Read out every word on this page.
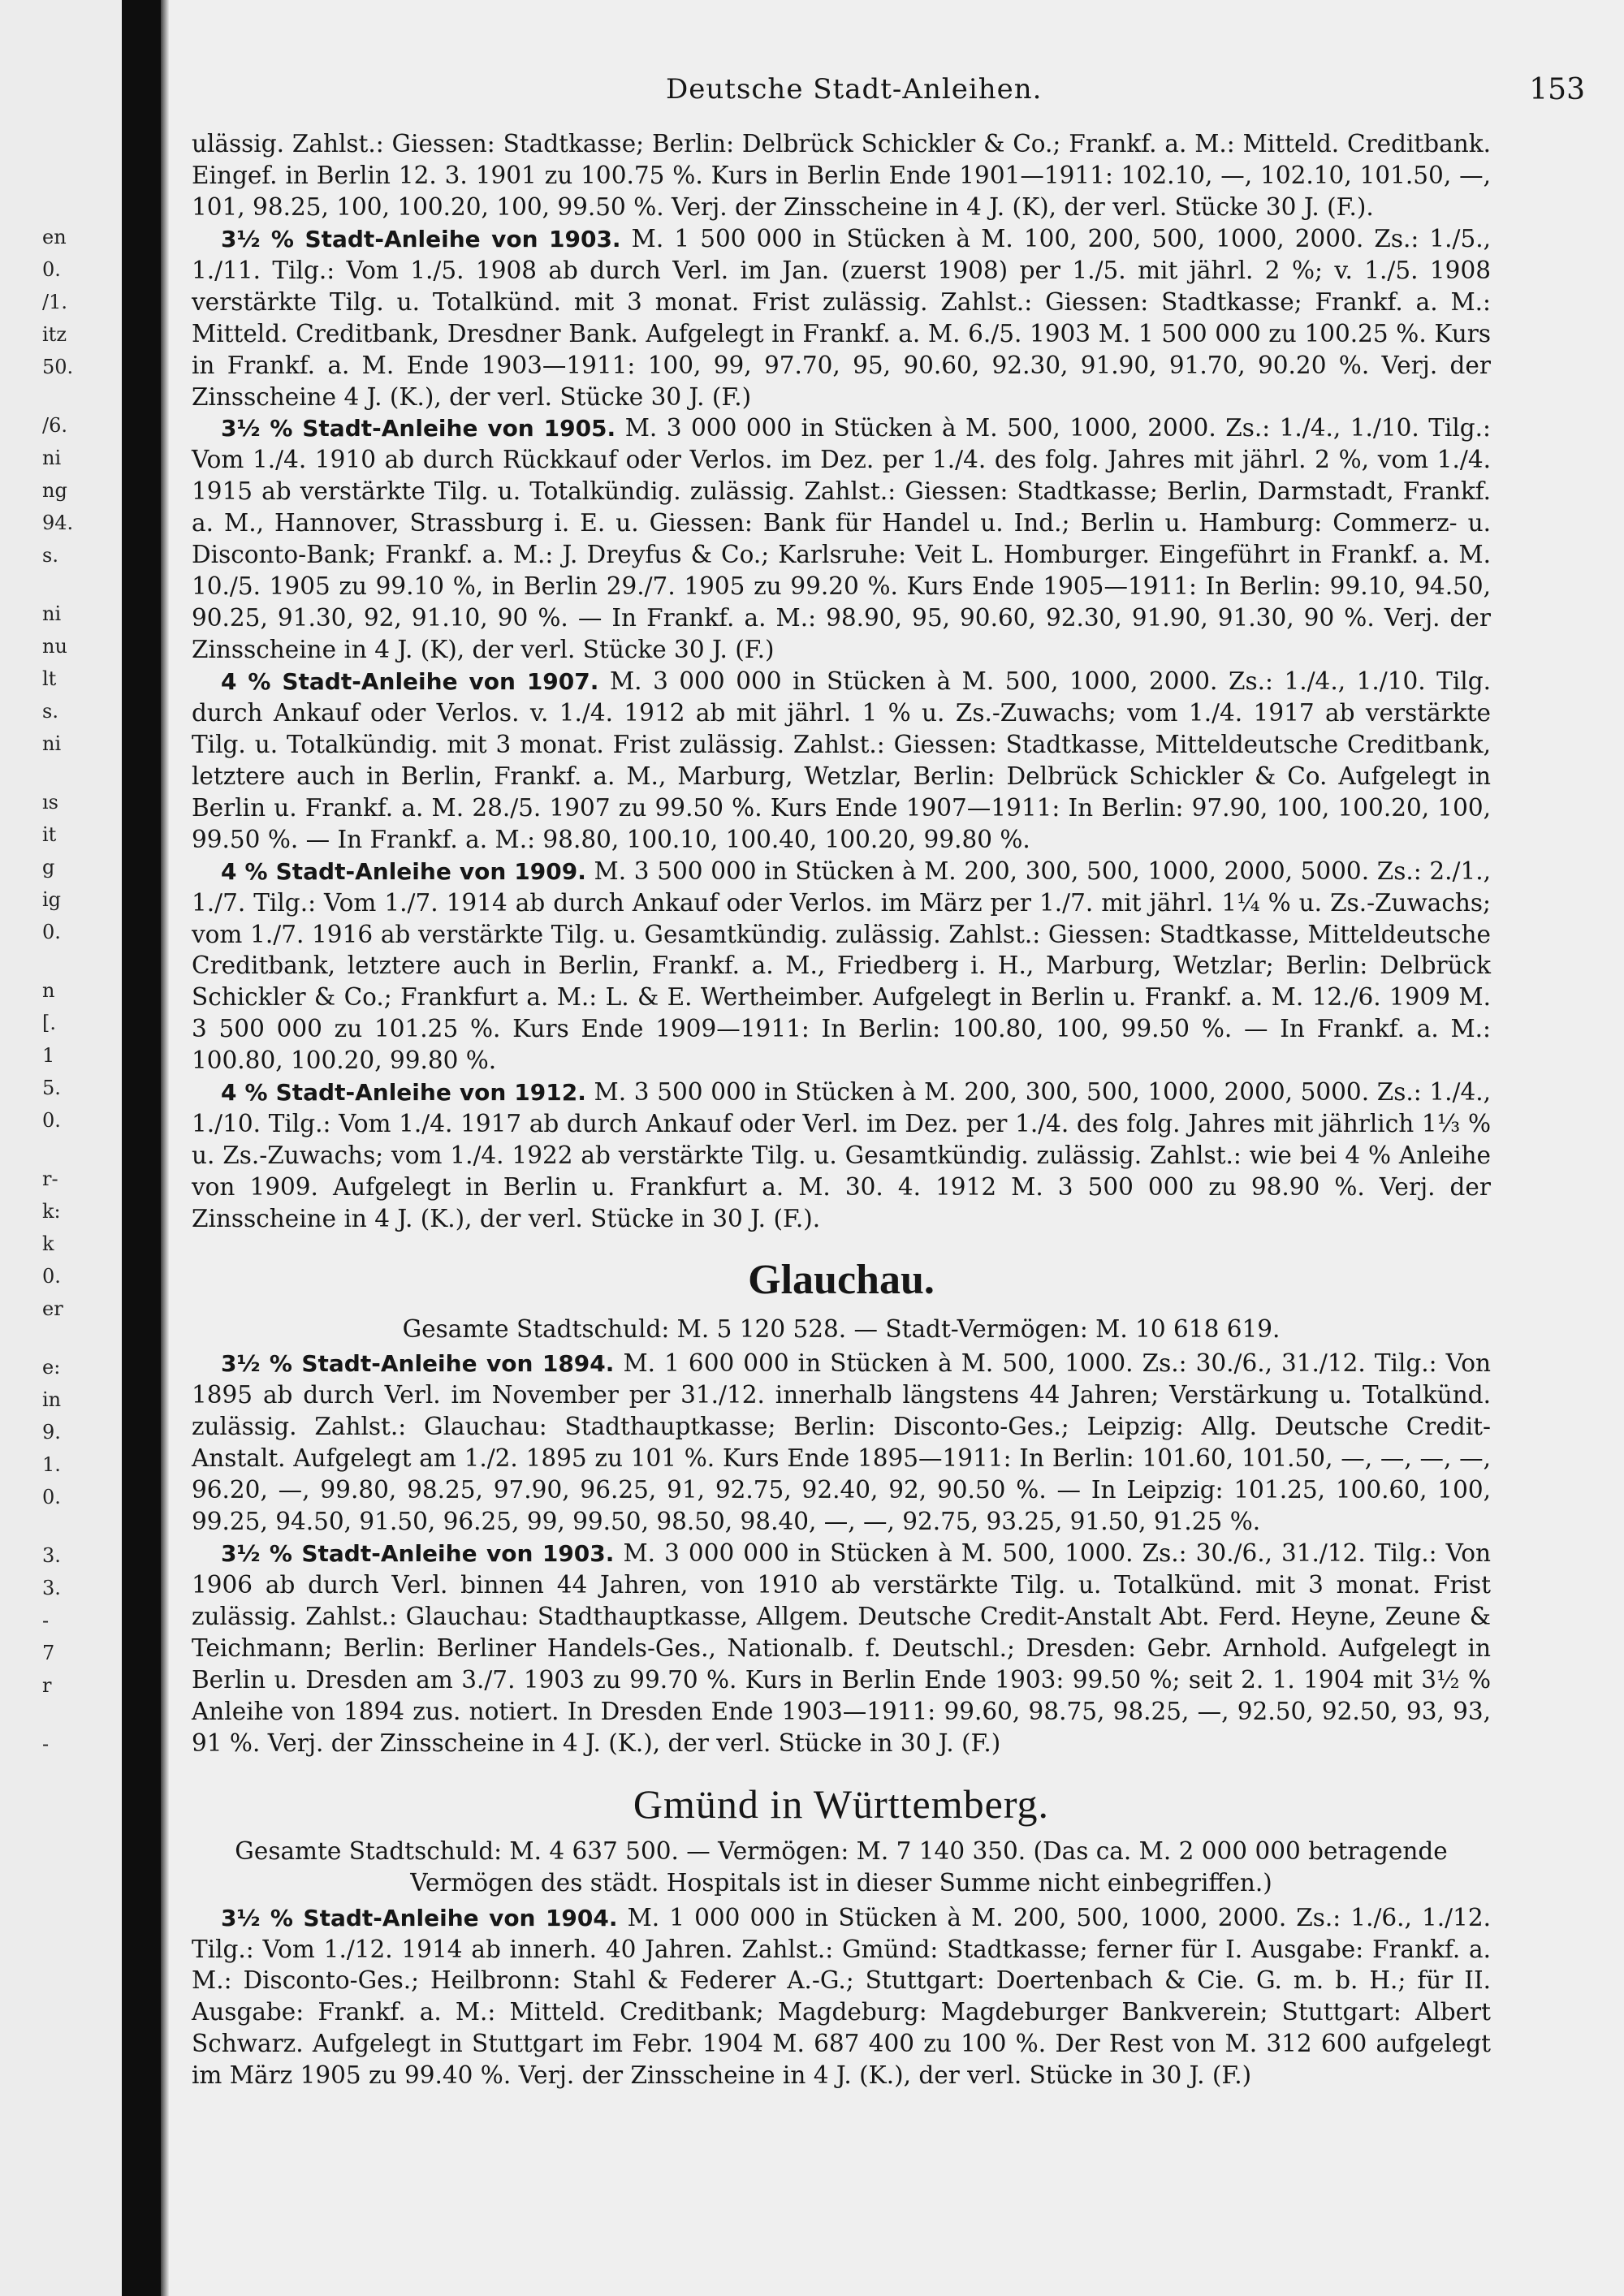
Deutsche Stadt-Anleihen.	153

ulässig. Zahlst.: Giessen: Stadtkasse; Berlin: Delbrück Schickler & Co.; Frankf. a. M.: Mitteld. Creditbank. Eingef. in Berlin 12. 3. 1901 zu 100.75 %. Kurs in Berlin Ende 1901—1911: 102.10, —, 102.10, 101.50, —, 101, 98.25, 100, 100.20, 100, 99.50 %. Verj. der Zinsscheine in 4 J. (K), der verl. Stücke 30 J. (F.).

3½ % Stadt-Anleihe von 1903. M. 1 500 000 in Stücken à M. 100, 200, 500, 1000, 2000. Zs.: 1./5., 1./11. Tilg.: Vom 1./5. 1908 ab durch Verl. im Jan. (zuerst 1908) per 1./5. mit jährl. 2 %; v. 1./5. 1908 verstärkte Tilg. u. Totalkünd. mit 3 monat. Frist zulässig. Zahlst.: Giessen: Stadtkasse; Frankf. a. M.: Mitteld. Creditbank, Dresdner Bank. Aufgelegt in Frankf. a. M. 6./5. 1903 M. 1 500 000 zu 100.25 %. Kurs in Frankf. a. M. Ende 1903—1911: 100, 99, 97.70, 95, 90.60, 92.30, 91.90, 91.70, 90.20 %. Verj. der Zinsscheine 4 J. (K.), der verl. Stücke 30 J. (F.)

3½ % Stadt-Anleihe von 1905. M. 3 000 000 in Stücken à M. 500, 1000, 2000. Zs.: 1./4., 1./10. Tilg.: Vom 1./4. 1910 ab durch Rückkauf oder Verlos. im Dez. per 1./4. des folg. Jahres mit jährl. 2 %, vom 1./4. 1915 ab verstärkte Tilg. u. Totalkündig. zulässig. Zahlst.: Giessen: Stadtkasse; Berlin, Darmstadt, Frankf. a. M., Hannover, Strassburg i. E. u. Giessen: Bank für Handel u. Ind.; Berlin u. Hamburg: Commerz- u. Disconto-Bank; Frankf. a. M.: J. Dreyfus & Co.; Karlsruhe: Veit L. Homburger. Eingeführt in Frankf. a. M. 10./5. 1905 zu 99.10 %, in Berlin 29./7. 1905 zu 99.20 %. Kurs Ende 1905—1911: In Berlin: 99.10, 94.50, 90.25, 91.30, 92, 91.10, 90 %. — In Frankf. a. M.: 98.90, 95, 90.60, 92.30, 91.90, 91.30, 90 %. Verj. der Zinsscheine in 4 J. (K), der verl. Stücke 30 J. (F.)

4 % Stadt-Anleihe von 1907. M. 3 000 000 in Stücken à M. 500, 1000, 2000. Zs.: 1./4., 1./10. Tilg. durch Ankauf oder Verlos. v. 1./4. 1912 ab mit jährl. 1 % u. Zs.-Zuwachs; vom 1./4. 1917 ab verstärkte Tilg. u. Totalkündig. mit 3 monat. Frist zulässig. Zahlst.: Giessen: Stadtkasse, Mitteldeutsche Creditbank, letztere auch in Berlin, Frankf. a. M., Marburg, Wetzlar, Berlin: Delbrück Schickler & Co. Aufgelegt in Berlin u. Frankf. a. M. 28./5. 1907 zu 99.50 %. Kurs Ende 1907—1911: In Berlin: 97.90, 100, 100.20, 100, 99.50 %. — In Frankf. a. M.: 98.80, 100.10, 100.40, 100.20, 99.80 %.

4 % Stadt-Anleihe von 1909. M. 3 500 000 in Stücken à M. 200, 300, 500, 1000, 2000, 5000. Zs.: 2./1., 1./7. Tilg.: Vom 1./7. 1914 ab durch Ankauf oder Verlos. im März per 1./7. mit jährl. 1¼ % u. Zs.-Zuwachs; vom 1./7. 1916 ab verstärkte Tilg. u. Gesamtkündig. zulässig. Zahlst.: Giessen: Stadtkasse, Mitteldeutsche Creditbank, letztere auch in Berlin, Frankf. a. M., Friedberg i. H., Marburg, Wetzlar; Berlin: Delbrück Schickler & Co.; Frankfurt a. M.: L. & E. Wertheimber. Aufgelegt in Berlin u. Frankf. a. M. 12./6. 1909 M. 3 500 000 zu 101.25 %. Kurs Ende 1909—1911: In Berlin: 100.80, 100, 99.50 %. — In Frankf. a. M.: 100.80, 100.20, 99.80 %.

4 % Stadt-Anleihe von 1912. M. 3 500 000 in Stücken à M. 200, 300, 500, 1000, 2000, 5000. Zs.: 1./4., 1./10. Tilg.: Vom 1./4. 1917 ab durch Ankauf oder Verl. im Dez. per 1./4. des folg. Jahres mit jährlich 1⅓ % u. Zs.-Zuwachs; vom 1./4. 1922 ab verstärkte Tilg. u. Gesamtkündig. zulässig. Zahlst.: wie bei 4 % Anleihe von 1909. Aufgelegt in Berlin u. Frankfurt a. M. 30. 4. 1912 M. 3 500 000 zu 98.90 %. Verj. der Zinsscheine in 4 J. (K.), der verl. Stücke in 30 J. (F.).

Glauchau.

Gesamte Stadtschuld: M. 5 120 528. — Stadt-Vermögen: M. 10 618 619.

3½ % Stadt-Anleihe von 1894. M. 1 600 000 in Stücken à M. 500, 1000. Zs.: 30./6., 31./12. Tilg.: Von 1895 ab durch Verl. im November per 31./12. innerhalb längstens 44 Jahren; Verstärkung u. Totalkünd. zulässig. Zahlst.: Glauchau: Stadthauptkasse; Berlin: Disconto-Ges.; Leipzig: Allg. Deutsche Credit-Anstalt. Aufgelegt am 1./2. 1895 zu 101 %. Kurs Ende 1895—1911: In Berlin: 101.60, 101.50, —, —, —, —, 96.20, —, 99.80, 98.25, 97.90, 96.25, 91, 92.75, 92.40, 92, 90.50 %. — In Leipzig: 101.25, 100.60, 100, 99.25, 94.50, 91.50, 96.25, 99, 99.50, 98.50, 98.40, —, —, 92.75, 93.25, 91.50, 91.25 %.

3½ % Stadt-Anleihe von 1903. M. 3 000 000 in Stücken à M. 500, 1000. Zs.: 30./6., 31./12. Tilg.: Von 1906 ab durch Verl. binnen 44 Jahren, von 1910 ab verstärkte Tilg. u. Totalkünd. mit 3 monat. Frist zulässig. Zahlst.: Glauchau: Stadthauptkasse, Allgem. Deutsche Credit-Anstalt Abt. Ferd. Heyne, Zeune & Teichmann; Berlin: Berliner Handels-Ges., Nationalb. f. Deutschl.; Dresden: Gebr. Arnhold. Aufgelegt in Berlin u. Dresden am 3./7. 1903 zu 99.70 %. Kurs in Berlin Ende 1903: 99.50 %; seit 2. 1. 1904 mit 3½ % Anleihe von 1894 zus. notiert. In Dresden Ende 1903—1911: 99.60, 98.75, 98.25, —, 92.50, 92.50, 93, 93, 91 %. Verj. der Zinsscheine in 4 J. (K.), der verl. Stücke in 30 J. (F.)

Gmünd in Württemberg.

Gesamte Stadtschuld: M. 4 637 500. — Vermögen: M. 7 140 350. (Das ca. M. 2 000 000 betragende Vermögen des städt. Hospitals ist in dieser Summe nicht einbegriffen.)

3½ % Stadt-Anleihe von 1904. M. 1 000 000 in Stücken à M. 200, 500, 1000, 2000. Zs.: 1./6., 1./12. Tilg.: Vom 1./12. 1914 ab innerh. 40 Jahren. Zahlst.: Gmünd: Stadtkasse; ferner für I. Ausgabe: Frankf. a. M.: Disconto-Ges.; Heilbronn: Stahl & Federer A.-G.; Stuttgart: Doertenbach & Cie. G. m. b. H.; für II. Ausgabe: Frankf. a. M.: Mitteld. Creditbank; Magdeburg: Magdeburger Bankverein; Stuttgart: Albert Schwarz. Aufgelegt in Stuttgart im Febr. 1904 M. 687 400 zu 100 %. Der Rest von M. 312 600 aufgelegt im März 1905 zu 99.40 %. Verj. der Zinsscheine in 4 J. (K.), der verl. Stücke in 30 J. (F.)

en
0.
/1.
itz
50.
/6.
ni
ng
94.
s.
ni
nu
lt
s.
ni
ıs
it
g
ig
0.
n
[.
1
5.
0.
r-
k:
k
0.
er
e:
in
9.
1.
0.
3.
3.
-
7
r
-
